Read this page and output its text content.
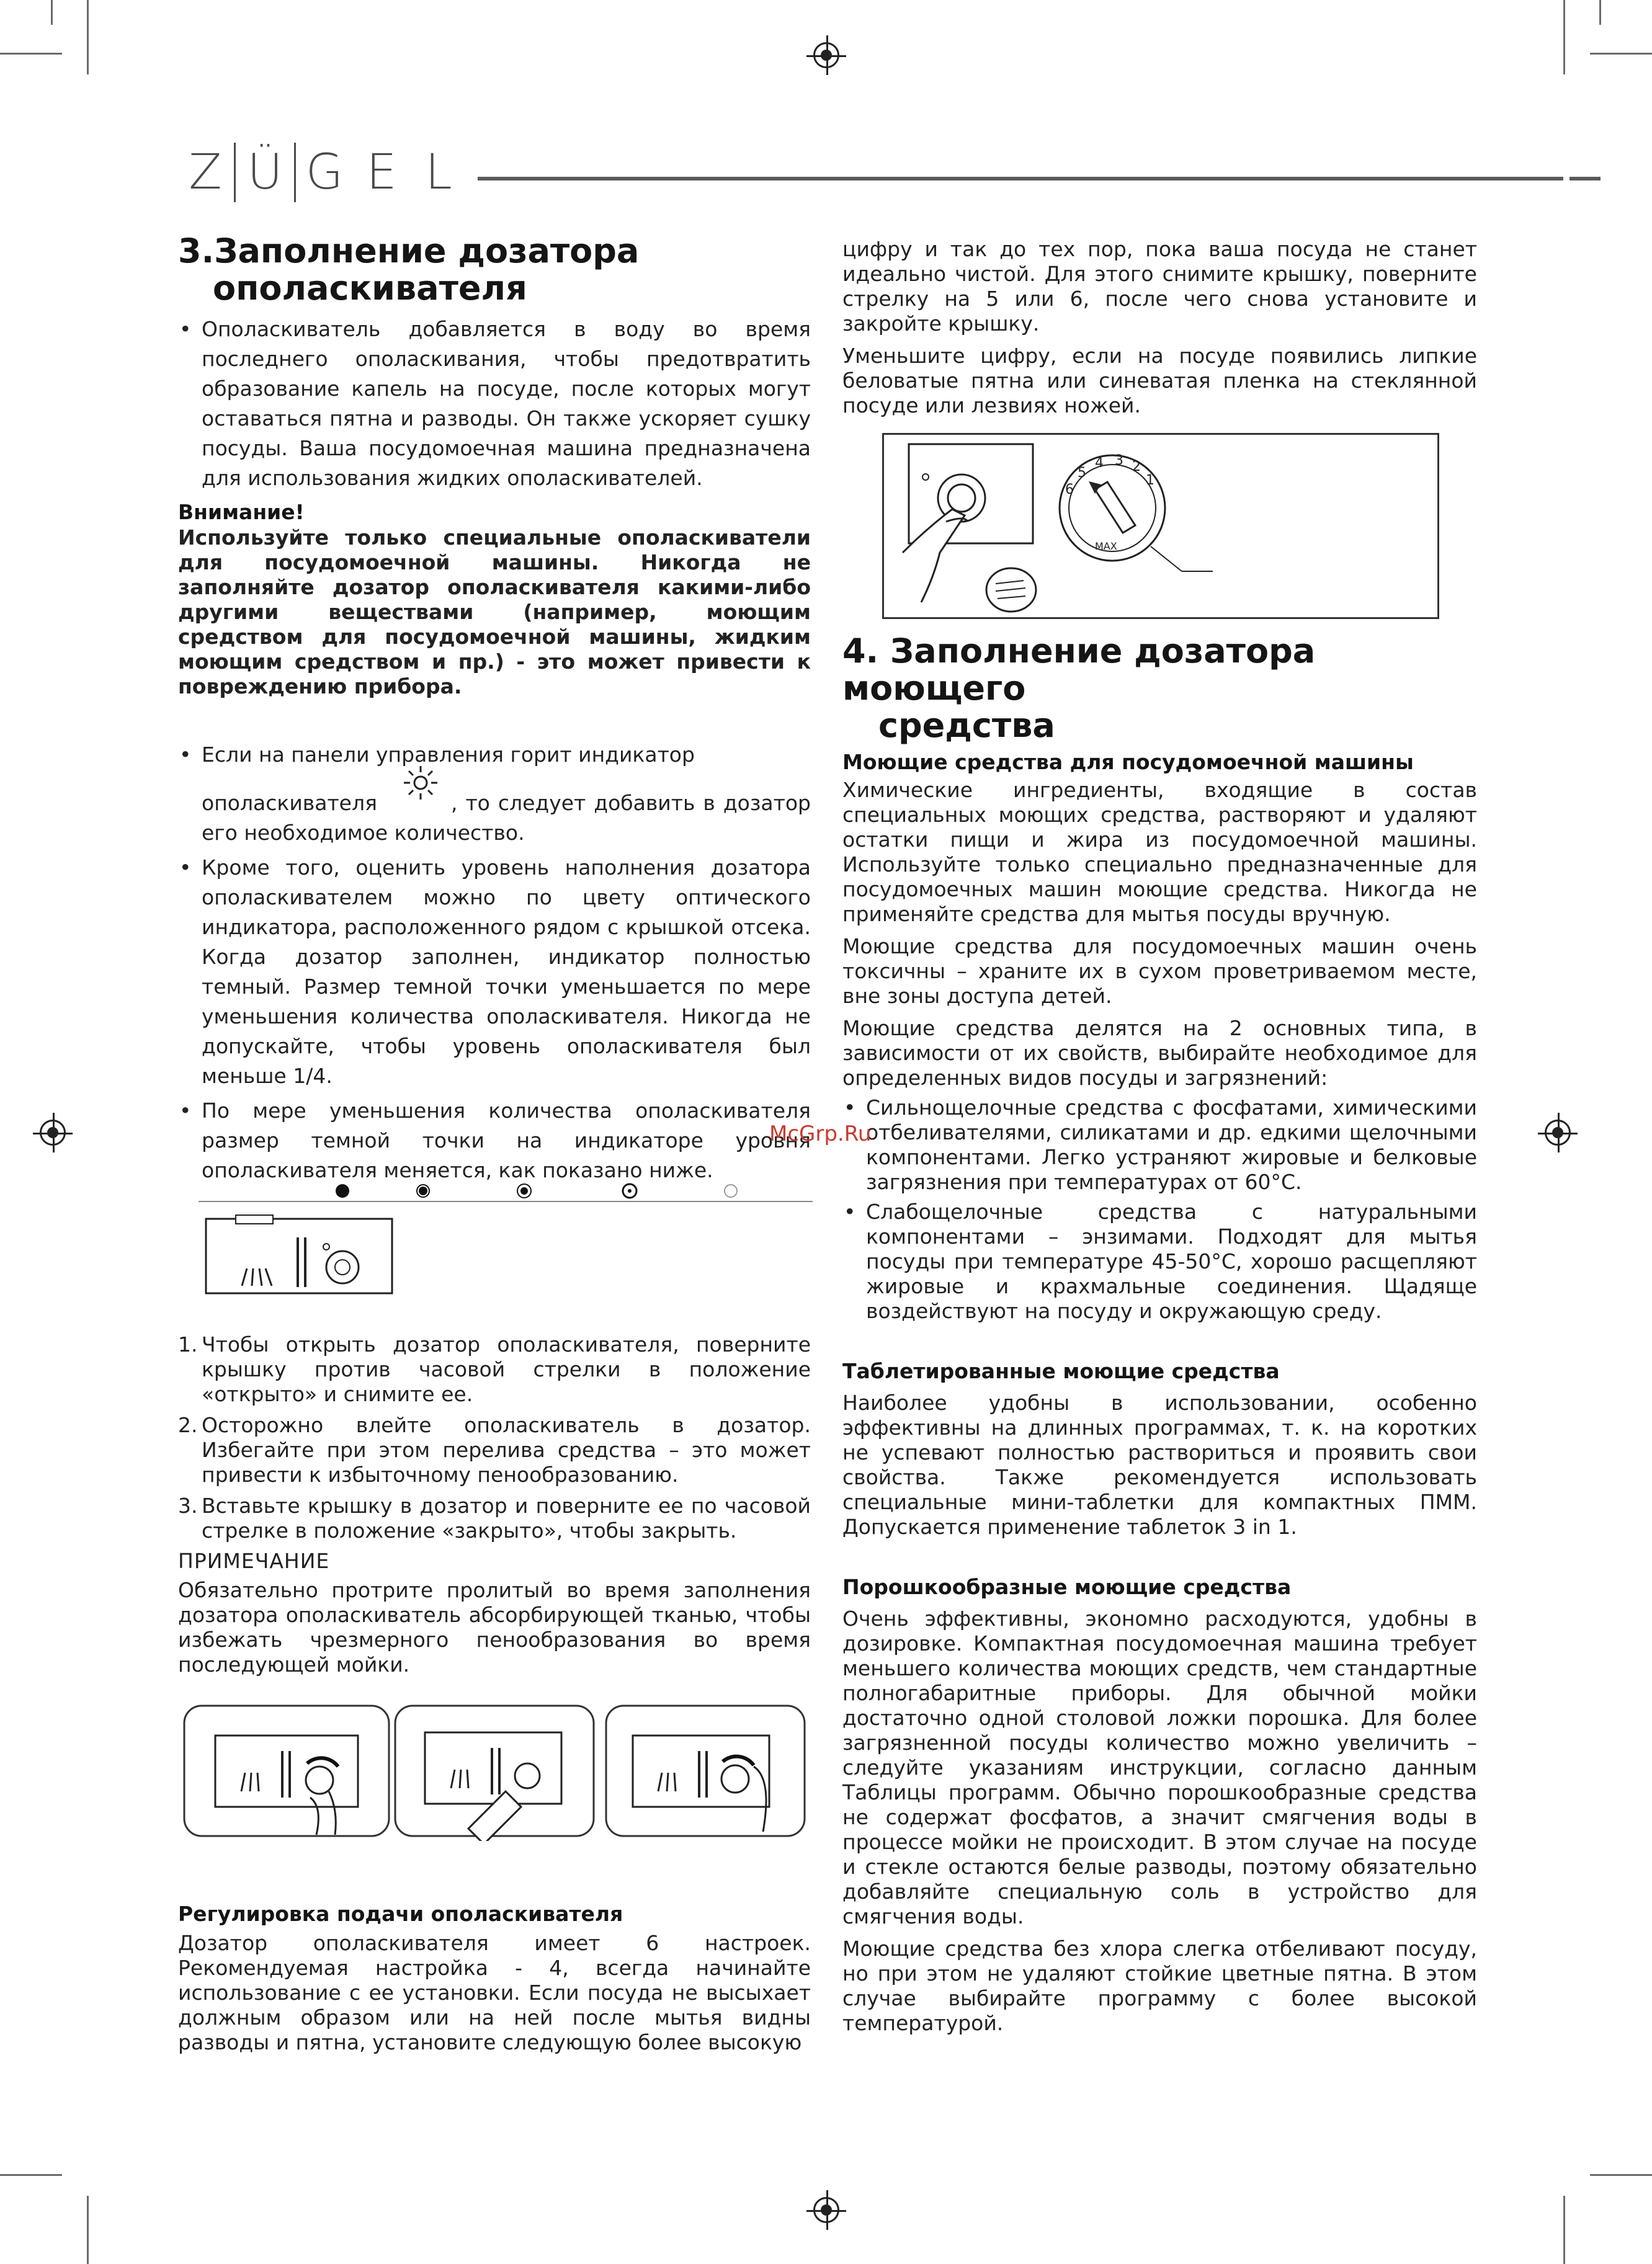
Z Ü G E L
3.Заполнение дозатора
ополаскивателя
• Ополаскиватель добавляется в воду во время последнего ополаскивания, чтобы предотвратить образование капель на посуде, после которых могут оставаться пятна и разводы. Он также ускоряет сушку посуды. Ваша посудомоечная машина предназначена для использования жидких ополаскивателей.
Внимание!
Используйте только специальные ополаскиватели для посудомоечной машины. Никогда не заполняйте дозатор ополаскивателя какими-либо другими веществами (например, моющим средством для посудомоечной машины, жидким моющим средством и пр.) - это может привести к повреждению прибора.
• Если на панели управления горит индикатор
ополаскивателя	, то следует добавить в дозатор его необходимое количество.
• Кроме того, оценить уровень наполнения дозатора ополаскивателем можно по цвету оптического индикатора, расположенного рядом с крышкой отсека. Когда дозатор заполнен, индикатор полностью темный. Размер темной точки уменьшается по мере уменьшения количества ополаскивателя. Никогда не допускайте, чтобы уровень ополаскивателя был меньше 1/4.
• По мере уменьшения количества ополаскивателя размер темной точки на индикаторе уровня ополаскивателя меняется, как показано ниже.
1. Чтобы открыть дозатор ополаскивателя, поверните крышку против часовой стрелки в положение «открыто» и снимите ее.
2. Осторожно влейте ополаскиватель в дозатор. Избегайте при этом перелива средства – это может привести к избыточному пенообразованию.
3. Вставьте крышку в дозатор и поверните ее по часовой стрелке в положение «закрыто», чтобы закрыть.
ПРИМЕЧАНИЕ
Обязательно протрите пролитый во время заполнения дозатора ополаскиватель абсорбирующей тканью, чтобы избежать чрезмерного пенообразования во время последующей мойки.
Регулировка подачи ополаскивателя
Дозатор ополаскивателя имеет 6 настроек. Рекомендуемая настройка - 4, всегда начинайте использование с ее установки. Если посуда не высыхает должным образом или на ней после мытья видны разводы и пятна, установите следующую более высокую
цифру и так до тех пор, пока ваша посуда не станет идеально чистой. Для этого снимите крышку, поверните стрелку на 5 или 6, после чего снова установите и закройте крышку.
Уменьшите цифру, если на посуде появились липкие беловатые пятна или синеватая пленка на стеклянной посуде или лезвиях ножей.
6
5
4 3 2
1
MAX
4. Заполнение дозатора моющего
средства
Моющие средства для посудомоечной машины
Химические ингредиенты, входящие в состав специальных моющих средства, растворяют и удаляют остатки пищи и жира из посудомоечной машины. Используйте только специально предназначенные для посудомоечных машин моющие средства. Никогда не применяйте средства для мытья посуды вручную.
Моющие средства для посудомоечных машин очень токсичны – храните их в сухом проветриваемом месте, вне зоны доступа детей.
Моющие средства делятся на 2 основных типа, в зависимости от их свойств, выбирайте необходимое для определенных видов посуды и загрязнений:
• Сильнощелочные средства с фосфатами, химическими отбеливателями, силикатами и др. едкими щелочными компонентами. Легко устраняют жировые и белковые загрязнения при температурах от 60°С.
• Слабощелочные средства с натуральными компонентами – энзимами. Подходят для мытья посуды при температуре 45-50°С, хорошо расщепляют жировые и крахмальные соединения. Щадяще воздействуют на посуду и окружающую среду.
Таблетированные моющие средства
Наиболее удобны в использовании, особенно эффективны на длинных программах, т. к. на коротких не успевают полностью раствориться и проявить свои свойства. Также рекомендуется использовать специальные мини-таблетки для компактных ПММ. Допускается применение таблеток 3 in 1.
Порошкообразные моющие средства
Очень эффективны, экономно расходуются, удобны в дозировке. Компактная посудомоечная машина требует меньшего количества моющих средств, чем стандартные полногабаритные приборы. Для обычной мойки достаточно одной столовой ложки порошка. Для более загрязненной посуды количество можно увеличить – следуйте указаниям инструкции, согласно данным Таблицы программ. Обычно порошкообразные средства не содержат фосфатов, а значит смягчения воды в процессе мойки не происходит. В этом случае на посуде и стекле остаются белые разводы, поэтому обязательно добавляйте специальную соль в устройство для смягчения воды.
Моющие средства без хлора слегка отбеливают посуду, но при этом не удаляют стойкие цветные пятна. В этом случае выбирайте программу с более высокой температурой.
McGrp.Ru
